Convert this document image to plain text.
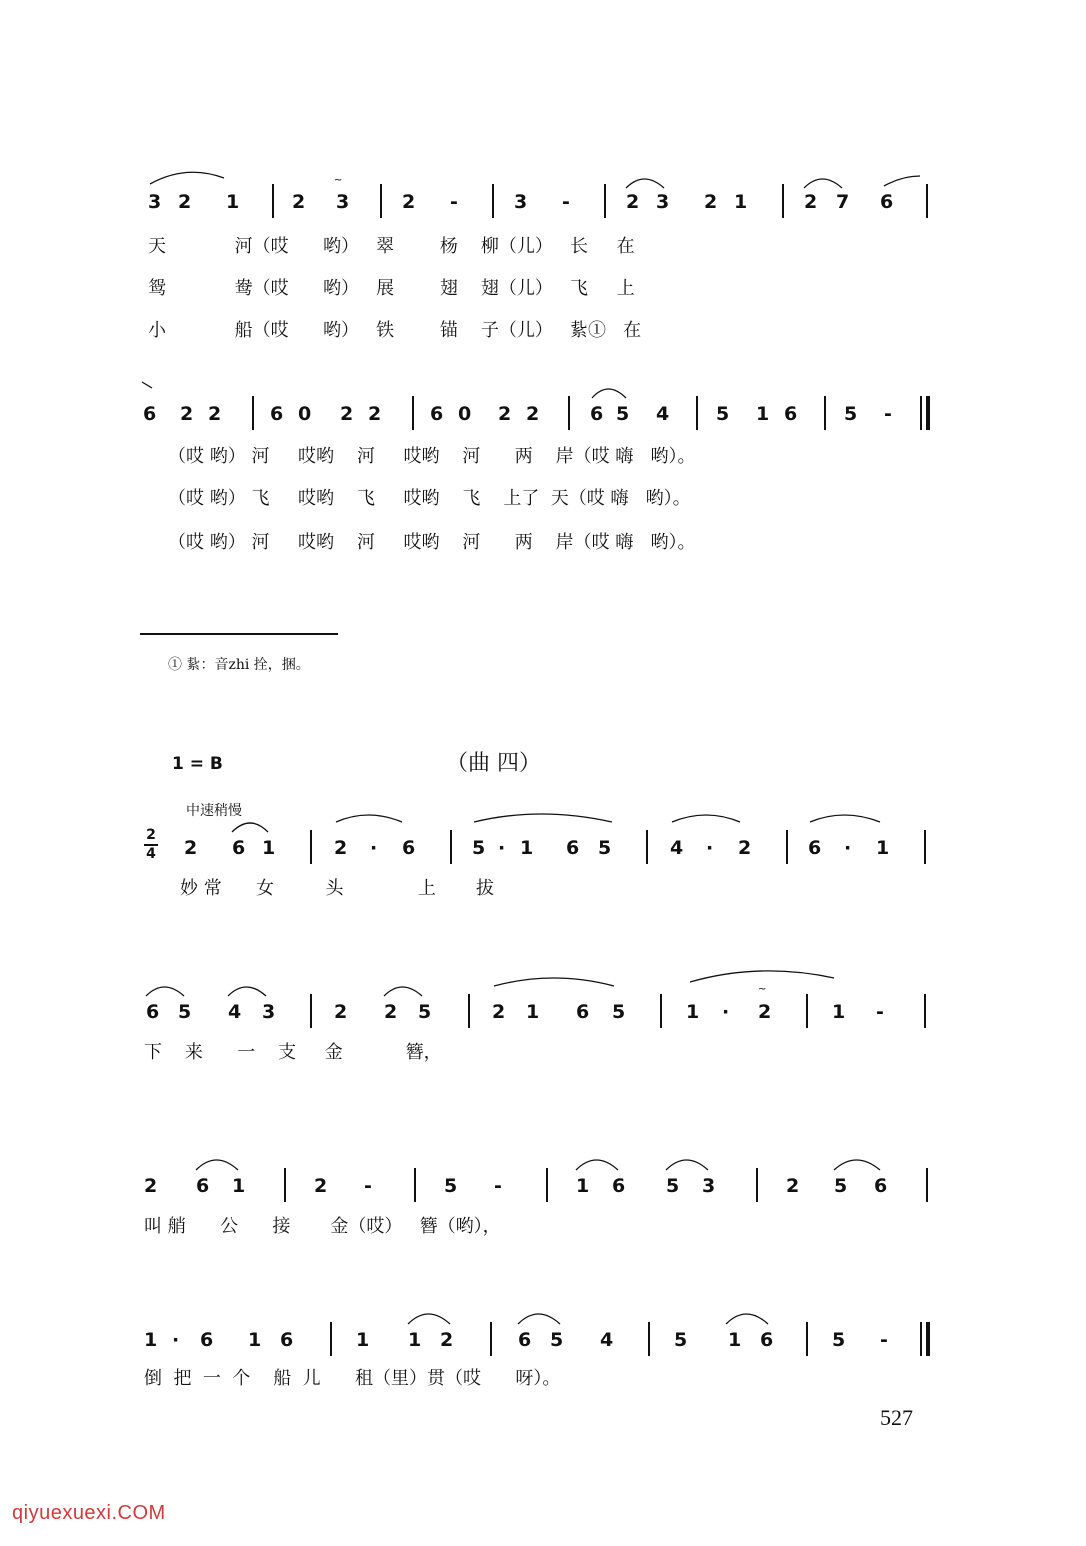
3 2 1	2 3	2 -	3 -	2 3 2 1	2 7 6
~
天            河（哎      哟）   翠        杨    柳（儿）   长     在
鸳            鸯（哎      哟）   展        翅    翅（儿）   飞     上
小            船（哎      哟）   铁        锚    子（儿）   紥①   在
6 2 2	6 0 2 2	6 0 2 2	6 5 4 5 1 6 5 -
（哎 哟） 河     哎哟    河     哎哟    河      两    岸（哎 嗨   哟）。
（哎 哟） 飞     哎哟    飞     哎哟    飞    上了  天（哎 嗨   哟）。
（哎 哟） 河     哎哟    河     哎哟    河      两    岸（哎 嗨   哟）。
① 紥：音zhi 拴，捆。
1 = B	（曲 四）
中速稍慢
2
4 2 6 1	2 · 6	5 · 1 6 5	4 · 2	6 · 1
妙 常      女         头             上       拔
6 5 4 3	2 2 5	2 1 6 5	1 · 2	1 -
~
下    来      一    支     金           簪，
2 6 1	2 -	5 -	1 6 5 3	2 5 6
叫 艄      公      接       金（哎）   簪（哟），
1 · 6 1 6	1 1 2	6 5 4	5 1 6	5 -
倒  把  一  个    船  儿      租（里）贯（哎      呀）。
527
qiyuexuexi.COM
